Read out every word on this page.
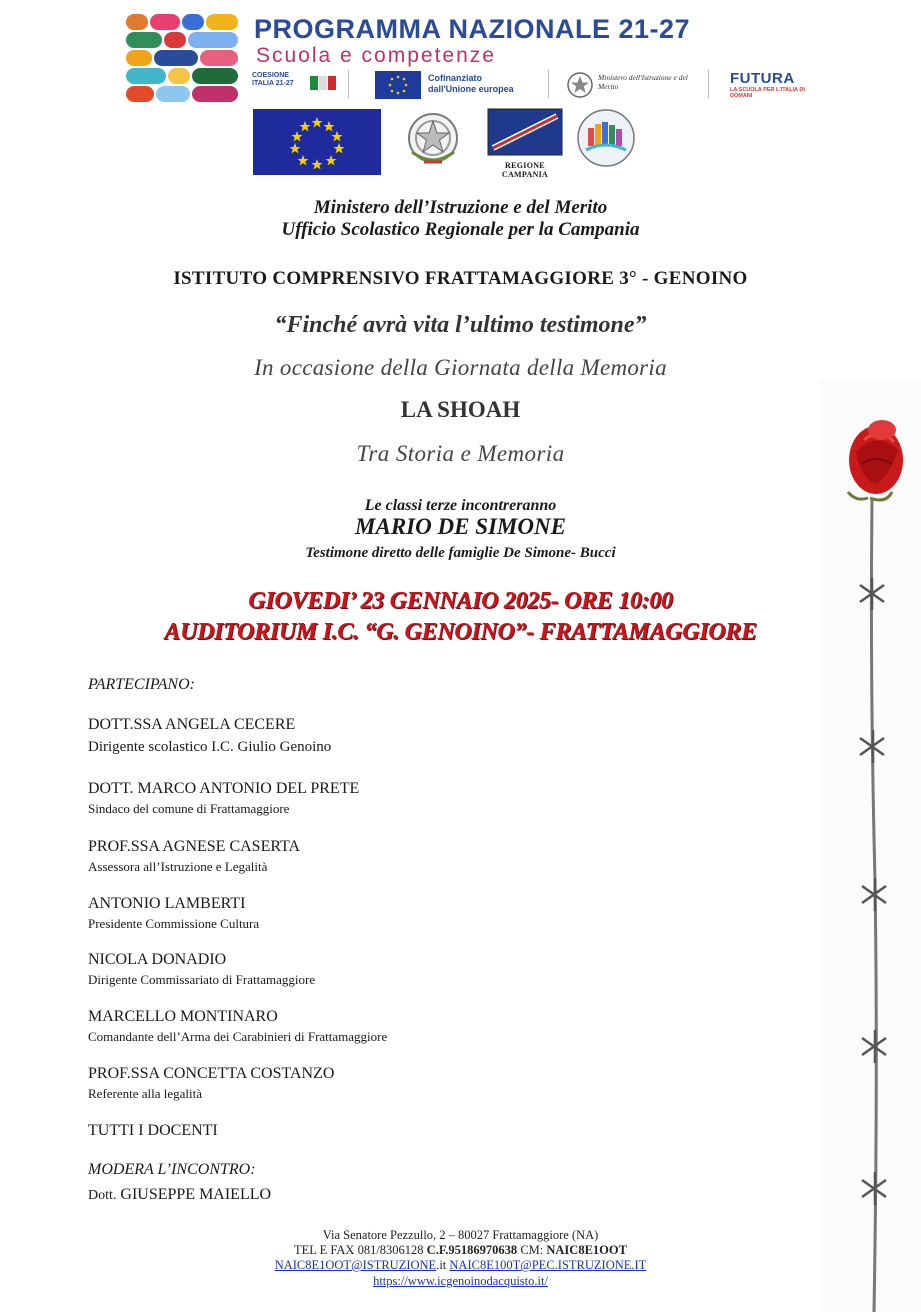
PROGRAMMA NAZIONALE 21-27
Scuola e competenze
COESIONE ITALIA 21-27
Cofinanziato
dall'Unione europea
Ministero dell'Istruzione e del Merito	FUTURA
LA SCUOLA PER L'ITALIA DI DOMANI
REGIONE CAMPANIA
Ministero dell’Istruzione e del Merito
Ufficio Scolastico Regionale per la Campania
ISTITUTO COMPRENSIVO FRATTAMAGGIORE 3° - GENOINO
“Finché avrà vita l’ultimo testimone”
In occasione della Giornata della Memoria
LA SHOAH
Tra Storia e Memoria
Le classi terze incontreranno
MARIO DE SIMONE
Testimone diretto delle famiglie De Simone- Bucci
GIOVEDI’ 23 GENNAIO 2025- ORE 10:00
AUDITORIUM I.C. “G. GENOINO”- FRATTAMAGGIORE
PARTECIPANO:
DOTT.SSA ANGELA CECERE
Dirigente scolastico I.C. Giulio Genoino
DOTT. MARCO ANTONIO DEL PRETE
Sindaco del comune di Frattamaggiore
PROF.SSA AGNESE CASERTA
Assessora all’Istruzione e Legalità
ANTONIO LAMBERTI
Presidente Commissione Cultura
NICOLA DONADIO
Dirigente Commissariato di Frattamaggiore
MARCELLO MONTINARO
Comandante dell’Arma dei Carabinieri di Frattamaggiore
PROF.SSA CONCETTA COSTANZO
Referente alla legalità
TUTTI I DOCENTI
MODERA L’INCONTRO:
Dott. GIUSEPPE MAIELLO
Via Senatore Pezzullo, 2 – 80027 Frattamaggiore (NA)
TEL E FAX 081/8306128 C.F.95186970638 CM: NAIC8E1OOT
NAIC8E1OOT@ISTRUZIONE.it NAIC8E100T@PEC.ISTRUZIONE.IT
https://www.icgenoinodacquisto.it/
